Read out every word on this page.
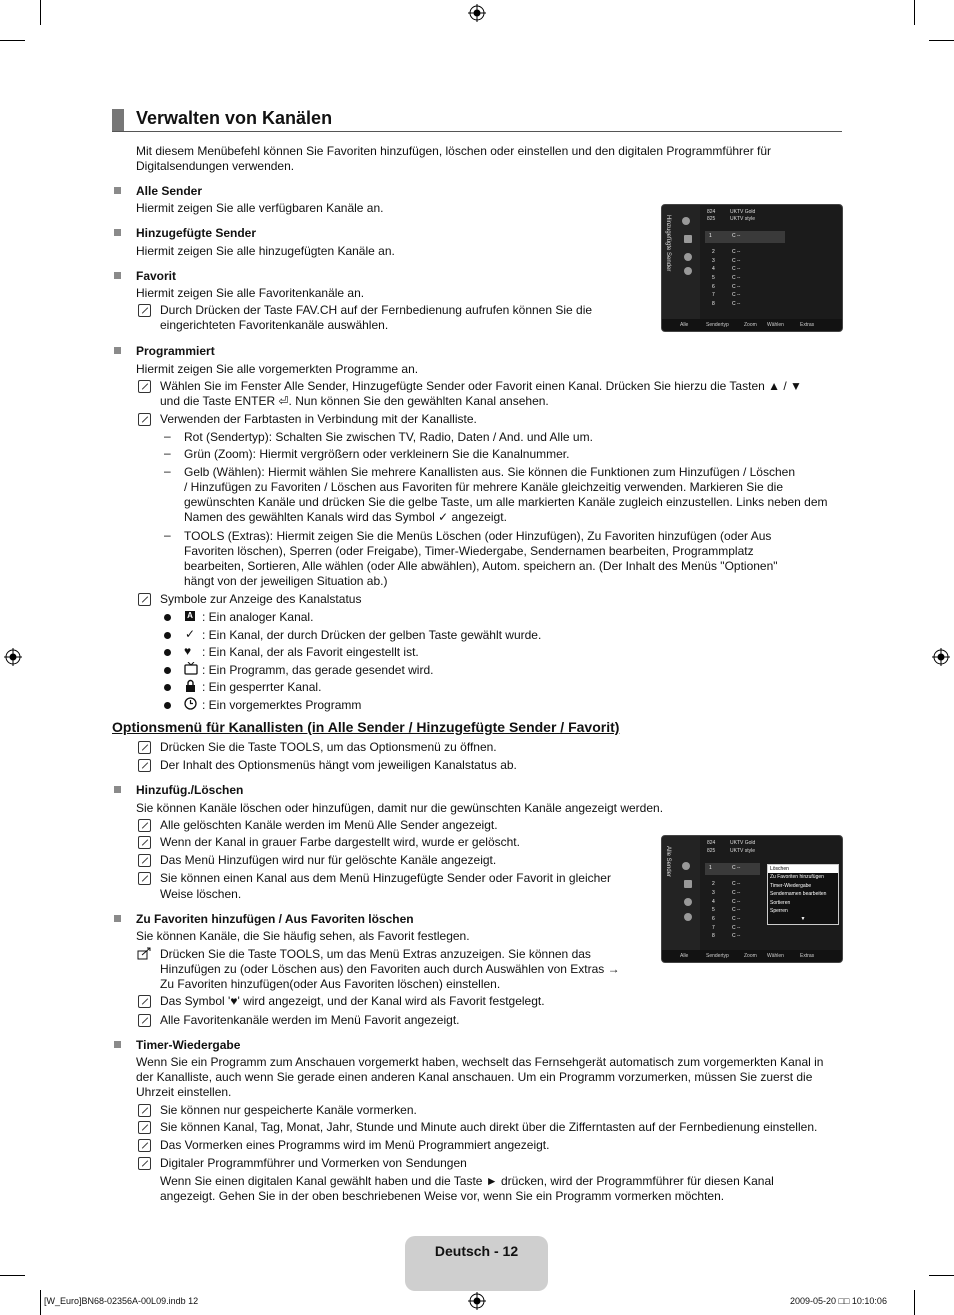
Verwalten von Kanälen
Mit diesem Menübefehl können Sie Favoriten hinzufügen, löschen oder einstellen und den digitalen Programmführer für
Digitalsendungen verwenden.
Alle Sender
Hiermit zeigen Sie alle verfügbaren Kanäle an.
Hinzugefügte Sender
Hiermit zeigen Sie alle hinzugefügten Kanäle an.
Favorit
Hiermit zeigen Sie alle Favoritenkanäle an.
Durch Drücken der Taste FAV.CH auf der Fernbedienung aufrufen können Sie die
eingerichteten Favoritenkanäle auswählen.
Hinzugefügte Sender
824	UKTV Gold
825	UKTV style
1	C --
2	C --
3	C --
4	C --
5	C --
6	C --
7	C --
8	C --
Alle	Sendertyp	Zoom Wählen	Extras
Programmiert
Hiermit zeigen Sie alle vorgemerkten Programme an.
Wählen Sie im Fenster Alle Sender, Hinzugefügte Sender oder Favorit einen Kanal. Drücken Sie hierzu die Tasten ▲ / ▼
und die Taste ENTER ⏎. Nun können Sie den gewählten Kanal ansehen.
Verwenden der Farbtasten in Verbindung mit der Kanalliste.
– Rot (Sendertyp): Schalten Sie zwischen TV, Radio, Daten / And. und Alle um.
– Grün (Zoom): Hiermit vergrößern oder verkleinern Sie die Kanalnummer.
– Gelb (Wählen): Hiermit wählen Sie mehrere Kanallisten aus. Sie können die Funktionen zum Hinzufügen / Löschen
/ Hinzufügen zu Favoriten / Löschen aus Favoriten für mehrere Kanäle gleichzeitig verwenden. Markieren Sie die
gewünschten Kanäle und drücken Sie die gelbe Taste, um alle markierten Kanäle zugleich einzustellen. Links neben dem
Namen des gewählten Kanals wird das Symbol ✓ angezeigt.
– TOOLS (Extras): Hiermit zeigen Sie die Menüs Löschen (oder Hinzufügen), Zu Favoriten hinzufügen (oder Aus
Favoriten löschen), Sperren (oder Freigabe), Timer-Wiedergabe, Sendernamen bearbeiten, Programmplatz
bearbeiten, Sortieren, Alle wählen (oder Alle abwählen), Autom. speichern an. (Der Inhalt des Menüs "Optionen"
hängt von der jeweiligen Situation ab.)
Symbole zur Anzeige des Kanalstatus
A : Ein analoger Kanal.
✓ : Ein Kanal, der durch Drücken der gelben Taste gewählt wurde.
♥ : Ein Kanal, der als Favorit eingestellt ist.
: Ein Programm, das gerade gesendet wird.
: Ein gesperrter Kanal.
: Ein vorgemerktes Programm
Optionsmenü für Kanallisten (in Alle Sender / Hinzugefügte Sender / Favorit)
Drücken Sie die Taste TOOLS, um das Optionsmenü zu öffnen.
Der Inhalt des Optionsmenüs hängt vom jeweiligen Kanalstatus ab.
Hinzufüg./Löschen
Sie können Kanäle löschen oder hinzufügen, damit nur die gewünschten Kanäle angezeigt werden.
Alle gelöschten Kanäle werden im Menü Alle Sender angezeigt.
Wenn der Kanal in grauer Farbe dargestellt wird, wurde er gelöscht.
Das Menü Hinzufügen wird nur für gelöschte Kanäle angezeigt.
Sie können einen Kanal aus dem Menü Hinzugefügte Sender oder Favorit in gleicher
Weise löschen.
Alle Sender
824	UKTV Gold
825	UKTV style
1	C --
2	C --
3	C --
4	C --
5	C --
6	C --
7	C --
8	C --
Löschen
Zu Favoriten hinzufügen
Timer-Wiedergabe
Sendernamen bearbeiten
Sortieren
Sperren
▼
Alle	Sendertyp	Zoom Wählen	Extras
Zu Favoriten hinzufügen / Aus Favoriten löschen
Sie können Kanäle, die Sie häufig sehen, als Favorit festlegen.
Drücken Sie die Taste TOOLS, um das Menü Extras anzuzeigen. Sie können das
Hinzufügen zu (oder Löschen aus) den Favoriten auch durch Auswählen von Extras →
Zu Favoriten hinzufügen(oder Aus Favoriten löschen) einstellen.
Das Symbol '♥' wird angezeigt, und der Kanal wird als Favorit festgelegt.
Alle Favoritenkanäle werden im Menü Favorit angezeigt.
Timer-Wiedergabe
Wenn Sie ein Programm zum Anschauen vorgemerkt haben, wechselt das Fernsehgerät automatisch zum vorgemerkten Kanal in
der Kanalliste, auch wenn Sie gerade einen anderen Kanal anschauen. Um ein Programm vorzumerken, müssen Sie zuerst die
Uhrzeit einstellen.
Sie können nur gespeicherte Kanäle vormerken.
Sie können Kanal, Tag, Monat, Jahr, Stunde und Minute auch direkt über die Zifferntasten auf der Fernbedienung einstellen.
Das Vormerken eines Programms wird im Menü Programmiert angezeigt.
Digitaler Programmführer und Vormerken von Sendungen
Wenn Sie einen digitalen Kanal gewählt haben und die Taste ► drücken, wird der Programmführer für diesen Kanal
angezeigt. Gehen Sie in der oben beschriebenen Weise vor, wenn Sie ein Programm vormerken möchten.
Deutsch - 12
[W_Euro]BN68-02356A-00L09.indb 12	2009-05-20 □□ 10:10:06
